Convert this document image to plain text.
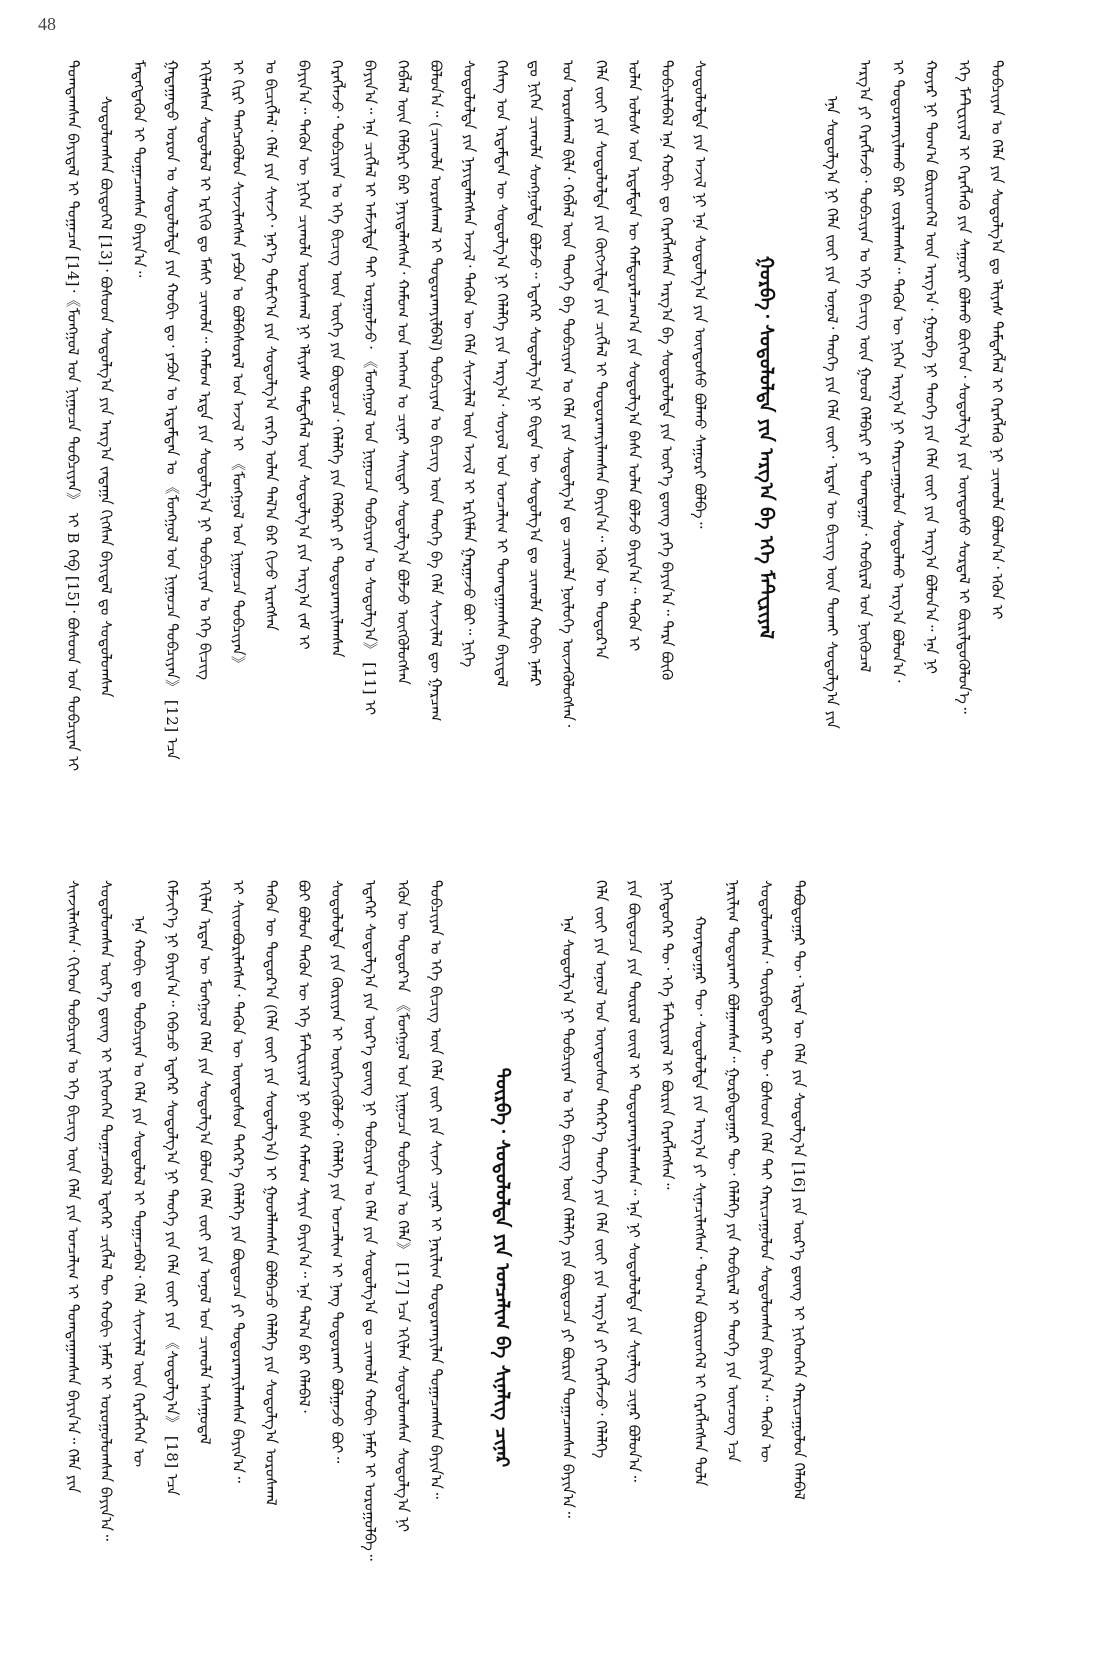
48
ᠲᠣᠭᠲᠠᠭᠰᠠᠨ ᠪᠠᠶᠢᠳᠠᠯ ᠢ ᠲᠣᠭᠠᠴᠠᠨ [14]᠂《ᠮᠣᠩᠭᠣᠯ ᠤᠨ ᠨᠢᠭᠤᠴᠠ ᠲᠣᠪᠴᠢᠶᠠᠨ》 ᠢ B ᠬᠡᠪ [15]᠂ ᠪᠤᠰᠤᠳ ᠤᠨ ᠲᠣᠪᠴᠢᠶᠠᠨ ᠢ ᠰᠤᠳᠤᠯᠤᠭᠰᠠᠨ ᠪᠦᠲᠦᠭᠡᠯ [13]᠂ ᠪᠤᠰᠤᠳ ᠰᠤᠳᠤᠯᠭ᠎ᠠ ᠶᠢᠨ ᠠᠷᠭ᠎ᠠ ᠵᠠᠳᠠᠭᠠ ᠬᠢᠭᠰᠡᠨ ᠪᠠᠶᠢᠳᠠᠯ ᠳᠤ ᠰᠤᠳᠤᠯᠤᠭᠰᠠᠨ ᠮᠡᠳᠡᠭᠳᠡᠬᠦᠨ ᠢ ᠲᠣᠭᠠᠴᠠᠭᠰᠠᠨ ᠪᠠᠶᠢᠨ᠎ᠠ᠃ ᠭᠠᠳᠠᠭᠠᠳᠤ ᠣᠷᠣᠨ ᠤ ᠰᠤᠳᠤᠯᠤᠯᠲᠠ ᠶᠢᠨ ᠬᠤᠪᠢ ᠳᠤ᠂ ᠶᠠᠫᠣᠨ ᠤ ᠡᠷᠳᠡᠮᠲᠡᠨ ᠤ 《ᠮᠣᠩᠭᠣᠯ ᠤᠨ ᠨᠢᠭᠤᠴᠠ ᠲᠣᠪᠴᠢᠶᠠᠨ》 [12] ᠡᠴᠡ ᠡᠬᠢᠯᠡᠭᠰᠡᠨ ᠰᠤᠳᠤᠯᠤᠯ ᠢ ᠡᠷᠭᠢᠬᠦ ᠳᠤ ᠮᠠᠰᠢ ᠴᠢᠬᠤᠯᠠ᠃ ᠬᠠᠮᠤᠭ ᠡᠷᠲᠡ ᠶᠢᠨ ᠰᠤᠳᠤᠯᠭ᠎ᠠ ᠨᠢ ᠲᠣᠪᠴᠢᠶᠠᠨ ᠤ ᠡᠬᠡ ᠪᠢᠴᠢᠭ ᠢ ᠬᠢᠷᠢ ᠲᠡᠩᠴᠡᠭᠦᠯᠦᠨ ᠰᠢᠨᠵᠢᠯᠡᠭᠰᠡᠨ ᠶᠠᠫᠣᠨ ᠤ ᠪᠣᠯᠪᠠᠰᠤᠷᠠᠯ ᠤᠨ ᠠᠵᠢᠯ ᠢ 《ᠮᠣᠩᠭᠣᠯ ᠤᠨ ᠨᠢᠭᠤᠴᠠ ᠲᠣᠪᠴᠢᠶᠠᠨ》 ᠤ ᠪᠢᠴᠢᠭᠯᠡᠯ᠂ ᠬᠡᠯᠡ ᠶᠢᠨ ᠰᠢᠨᠵᠢ᠂ ᠨᠡᠷ᠎ᠡ ᠲᠣᠮᠢᠶ᠎ᠠ ᠶᠢᠨ ᠰᠤᠳᠤᠯᠭ᠎ᠠ ᠵᠡᠷᠭᠡ ᠣᠯᠠᠨ ᠲᠠᠯ᠎ᠠ ᠪᠠᠷ ᠬᠢᠵᠦ ᠢᠷᠡᠭᠰᠡᠨ ᠪᠠᠶᠢᠨ᠎ᠠ᠃ ᠲᠡᠭᠦᠨ ᠦ ᠨᠢᠭᠡᠨ ᠴᠢᠬᠤᠯᠠ ᠤᠷᠤᠰᠬᠠᠯ ᠨᠢ ᠡᠯᠢᠶᠡᠰ ᠲᠡᠮᠳᠡᠭᠯᠡᠯ ᠦᠨ ᠰᠤᠳᠤᠯᠭ᠎ᠠ ᠶᠢᠨ ᠠᠷᠭ᠎ᠠ ᠵᠠᠮ ᠢ ᠬᠡᠷᠡᠭᠯᠡᠵᠦ᠂ ᠲᠣᠪᠴᠢᠶᠠᠨ ᠤ ᠡᠬᠡ ᠪᠢᠴᠢᠭ ᠦᠨ ᠦᠭᠡ ᠶᠢᠨ ᠪᠦᠲᠦᠴᠡ᠂ ᠬᠡᠯᠡᠯᠭᠡ ᠶᠢᠨ ᠬᠡᠯᠪᠡᠷᠢ ᠶᠢ ᠲᠣᠳᠣᠷᠬᠠᠶᠢᠯᠠᠭᠰᠠᠨ ᠪᠠᠶᠢᠨ᠎ᠠ᠃ ᠡᠨᠡ ᠴᠢᠭᠯᠡᠯ ᠢ ᠠᠮᠵᠢᠯᠲᠠ ᠲᠠᠶ ᠤᠷᠭᠤᠯᠵᠤ᠂ 《ᠮᠣᠩᠭᠣᠯ ᠤᠨ ᠨᠢᠭᠤᠴᠠ ᠲᠣᠪᠴᠢᠶᠠᠨ ᠤ ᠰᠤᠳᠤᠯᠭ᠎ᠠ》 [11] ᠢ ᠬᠡᠪᠯᠡᠯ ᠦᠨ ᠬᠡᠯᠪᠡᠷᠢ ᠪᠡᠷ ᠨᠡᠶᠢᠲᠡᠯᠡᠭᠰᠡᠨ᠂ ᠬᠠᠮᠤᠭ ᠤᠨ ᠠᠩᠬᠠᠨ ᠤ ᠴᠢᠨᠠᠷ ᠰᠠᠢᠲᠠᠶ ᠰᠤᠳᠤᠯᠭ᠎ᠠ ᠪᠣᠯᠵᠤ ᠦᠭᠭᠦᠯᠦᠭᠰᠡᠨ ᠪᠣᠯᠤᠨ᠎ᠠ᠃ (ᠴᠢᠬᠤᠯᠠ ᠤᠷᠤᠰᠬᠠᠯ ᠢ ᠲᠣᠳᠣᠷᠬᠠᠶᠢᠯᠪᠠᠯ) ᠲᠣᠪᠴᠢᠶᠠᠨ ᠤ ᠪᠢᠴᠢᠭ ᠦᠨ ᠲᠡᠦᠬᠡ ᠪᠠ ᠬᠡᠯᠡ ᠰᠢᠨᠵᠢᠯᠡᠯ ᠳᠦ ᠭᠠᠷᠴᠠᠭ ᠰᠤᠳᠤᠯᠤᠯᠲᠠ ᠶᠢᠨ ᠨᠡᠶᠢᠲᠡᠯᠡᠭᠰᠡᠨ ᠠᠵᠢᠯ᠂ ᠲᠡᠭᠦᠨ ᠦ ᠬᠡᠯᠡ ᠰᠢᠨᠵᠢᠯᠡᠯ ᠦᠨ ᠠᠵᠢᠯ ᠢ ᠡᠷᠬᠢᠮᠯᠡᠨ ᠭᠠᠷᠭᠠᠵᠤ ᠪᠣᠢ᠃ ᠨᠢᠭᠡ ᠬᠡᠰᠡᠭ ᠤᠨ ᠡᠷᠳᠡᠮᠲᠡᠨ ᠦ ᠰᠤᠳᠤᠯᠭ᠎ᠠ ᠨᠢ ᠬᠡᠯᠡᠯᠭᠡ ᠶᠢᠨ ᠠᠷᠭ᠎ᠠ᠂ ᠰᠣᠶᠣᠯ ᠤᠨ ᠣᠨᠴᠠᠯᠢᠭ ᠢ ᠲᠣᠭᠲᠠᠭᠠᠭᠰᠠᠨ ᠪᠠᠶᠢᠳᠠᠯ ᠳᠤ ᠨᠢᠭᠡᠨ ᠴᠢᠬᠤᠯᠠ ᠰᠣᠩᠭᠤᠯᠲᠠ ᠪᠣᠯᠵᠤ᠃ ᠡᠳᠡᠭᠡᠷ ᠰᠤᠳᠤᠯᠭ᠎ᠠ ᠨᠢ ᠪᠢᠳᠡᠨ ᠦ ᠰᠤᠳᠤᠯᠭ᠎ᠠ ᠳᠤ ᠴᠢᠬᠤᠯᠠ ᠬᠤᠪᠢ ᠨᠡᠮᠡᠷ ᠤᠨ ᠤᠷᠤᠰᠬᠠᠯ ᠪᠢᠯᠡ᠂ ᠬᠡᠪᠯᠡᠯ ᠦᠨ ᠲᠡᠦᠬᠡ ᠪᠠ ᠲᠣᠪᠴᠢᠶᠠᠨ ᠤ ᠬᠡᠯᠡ ᠶᠢᠨ ᠰᠤᠳᠤᠯᠭ᠎ᠠ ᠳᠤ ᠴᠢᠬᠤᠯᠠ ᠨᠥᠯᠦᠭᠡ ᠦᠵᠡᠭᠦᠯᠦᠭᠰᠡᠨ᠂ ᠬᠡᠯᠡ ᠵᠦᠢ ᠶᠢᠨ ᠰᠤᠳᠤᠯᠤᠯᠲᠠ ᠶᠢᠨ ᠬᠥᠭᠵᠢᠯᠲᠡ ᠶᠢᠨ ᠴᠢᠭᠯᠡᠯ ᠢ ᠲᠣᠳᠣᠷᠬᠠᠶᠢᠯᠠᠭᠰᠠᠨ ᠪᠠᠶᠢᠨ᠎ᠠ᠃ ᠡᠭᠦᠨ ᠦ ᠳᠣᠲᠣᠷ᠎ᠠ ᠣᠯᠠᠨ ᠤᠯᠤᠰ ᠤᠨ ᠡᠷᠳᠡᠮᠲᠡᠨ ᠦ ᠬᠠᠮᠲᠤᠷᠠᠯᠴᠠᠭ᠎ᠠ ᠶᠢᠨ ᠰᠤᠳᠤᠯᠭ᠎ᠠ ᠪᠠᠰᠠ ᠣᠯᠠᠨ ᠪᠣᠯᠵᠤ ᠪᠠᠶᠢᠨ᠎ᠠ᠃ ᠲᠡᠭᠦᠨ ᠢ ᠲᠣᠪᠴᠢᠯᠠᠪᠠᠯ ᠡᠨᠡ ᠬᠤᠪᠢ ᠳᠤ ᠬᠡᠷᠡᠭᠯᠡᠭᠰᠡᠨ ᠠᠷᠭ᠎ᠠ ᠪᠠ ᠰᠤᠳᠤᠯᠤᠯᠲᠠ ᠶᠢᠨ ᠦᠷ᠎ᠡ ᠳ᠋ᠦᠩ ᠶᠡᠬᠡ ᠪᠠᠶᠢᠨ᠎ᠠ᠃ ᠲᠡᠷᠡ ᠪᠦᠬᠦ ᠰᠤᠳᠤᠯᠤᠯᠲᠠ ᠶᠢᠨ ᠠᠵᠢᠯ ᠨᠢ ᠡᠨᠡ ᠰᠤᠳᠤᠯᠭ᠎ᠠ ᠶᠢᠨ ᠦᠨᠳᠦᠰᠦ ᠪᠣᠯᠬᠤ ᠰᠠᠭᠤᠷᠢ ᠪᠣᠯᠪᠠ᠃ ᠭᠤᠷᠪᠠ᠂ ᠰᠤᠳᠤᠯᠤᠯᠲᠠ ᠶᠢᠨ ᠠᠷᠭ᠎ᠠ ᠪᠠ ᠡᠬᠡ ᠮᠠᠲ᠋ᠧᠷᠢᠶᠠᠯ	ᠡᠨᠡ ᠰᠤᠳᠤᠯᠭ᠎ᠠ ᠨᠢ ᠬᠡᠯᠡ ᠵᠦᠢ ᠶᠢᠨ ᠣᠨᠣᠯ᠂ ᠲᠡᠦᠬᠡ ᠶᠢᠨ ᠬᠡᠯᠡ ᠵᠦᠢ᠂ ᠡᠷᠲᠡᠨ ᠦ ᠪᠢᠴᠢᠭ ᠦᠨ ᠲᠤᠬᠠᠢ ᠰᠤᠳᠤᠯᠭ᠎ᠠ ᠶᠢᠨ ᠠᠷᠭ᠎ᠠ ᠶᠢ ᠬᠡᠷᠡᠭᠯᠡᠵᠦ᠂ ᠲᠣᠪᠴᠢᠶᠠᠨ ᠤ ᠡᠬᠡ ᠪᠢᠴᠢᠭ ᠦᠨ ᠭᠣᠣᠯ ᠬᠡᠯᠪᠡᠷᠢ ᠶᠢ ᠲᠣᠭᠲᠠᠭᠠᠨ᠂ ᠬᠤᠪᠢᠷᠠᠯ ᠤᠨ ᠨᠥᠬᠦᠴᠡᠯ ᠢ ᠲᠣᠳᠣᠷᠬᠠᠶᠢᠯᠠᠬᠤ ᠪᠠᠷ ᠵᠣᠷᠢᠯᠠᠭᠰᠠᠨ᠃ ᠲᠡᠭᠦᠨ ᠦ ᠨᠢᠭᠡᠨ ᠠᠷᠭ᠎ᠠ ᠨᠢ ᠬᠠᠷᠢᠴᠠᠭᠤᠯᠤᠨ ᠰᠤᠳᠤᠯᠬᠤ ᠠᠷᠭ᠎ᠠ ᠪᠣᠯᠤᠨ᠎ᠠ᠂ ᠬᠣᠶᠠᠷ ᠨᠢ ᠲᠣᠭ᠎ᠠ ᠪᠦᠷᠢᠳᠬᠡᠯ ᠦᠨ ᠠᠷᠭ᠎ᠠ᠂ ᠭᠤᠷᠪᠠ ᠨᠢ ᠲᠡᠦᠬᠡ ᠶᠢᠨ ᠬᠡᠯᠡ ᠵᠦᠢ ᠶᠢᠨ ᠠᠷᠭ᠎ᠠ ᠪᠣᠯᠤᠨ᠎ᠠ᠃ ᠡᠨᠡ ᠨᠢ ᠡᠬᠡ ᠮᠠᠲ᠋ᠧᠷᠢᠶᠠᠯ ᠢ ᠬᠡᠷᠡᠭᠯᠡᠬᠦ ᠶᠢᠨ ᠰᠠᠭᠤᠷᠢ ᠪᠣᠯᠬᠤ ᠪᠥᠭᠡᠳ᠂ ᠰᠤᠳᠤᠯᠭ᠎ᠠ ᠶᠢᠨ ᠦᠨᠳᠦᠰᠦ ᠰᠤᠷᠲᠠᠯ ᠢ ᠪᠦᠷᠢᠯᠳᠦᠭᠦᠯᠦᠨ᠎ᠡ᠃ ᠲᠣᠪᠴᠢᠶᠠᠨ ᠤ ᠬᠡᠯᠡ ᠶᠢᠨ ᠰᠤᠳᠤᠯᠭ᠎ᠠ ᠳᠤ ᠡᠯᠢᠶᠡᠰ ᠲᠡᠮᠳᠡᠭᠯᠡᠯ ᠢ ᠬᠡᠷᠡᠭᠯᠡᠬᠦ ᠨᠢ ᠴᠢᠬᠤᠯᠠ ᠪᠣᠯᠤᠨ᠎ᠠ᠂ ᠡᠭᠦᠨ ᠢ
ᠰᠢᠨᠵᠢᠯᠡᠭᠰᠡᠨ᠂ ᠬᠢᠭᠡᠳ ᠲᠣᠪᠴᠢᠶᠠᠨ ᠤ ᠡᠬᠡ ᠪᠢᠴᠢᠭ ᠦᠨ ᠬᠡᠯᠡ ᠶᠢᠨ ᠣᠨᠴᠠᠯᠢᠭ ᠢ ᠲᠣᠭᠲᠠᠭᠠᠭᠰᠠᠨ ᠪᠠᠶᠢᠨ᠎ᠠ᠃ ᠬᠡᠯᠡ ᠶᠢᠨ ᠰᠤᠳᠤᠯᠤᠭᠰᠠᠨ ᠦᠷ᠎ᠡ ᠳ᠋ᠦᠩ ᠢ ᠨᠢᠭᠡᠳᠬᠡᠨ ᠲᠣᠭᠠᠴᠠᠪᠠᠯ ᠡᠳᠡᠭᠡᠷ ᠴᠢᠭᠯᠡᠯ ᠲᠦ ᠬᠤᠪᠢ ᠨᠡᠮᠡᠷ ᠢ ᠣᠷᠣᠭᠤᠯᠤᠭᠰᠠᠨ ᠪᠠᠶᠢᠨ᠎ᠠ᠃ ᠡᠨᠡ ᠬᠤᠪᠢ ᠳᠤ ᠲᠣᠪᠴᠢᠶᠠᠨ ᠤ ᠬᠡᠯᠡ ᠶᠢᠨ ᠰᠤᠳᠤᠯᠤᠯ ᠢ ᠲᠣᠭᠠᠴᠠᠪᠠᠯ᠂ ᠬᠡᠯᠡ ᠰᠢᠨᠵᠢᠯᠡᠯ ᠦᠨ ᠬᠡᠷᠡᠭᠯᠡᠭᠡᠨ ᠦ ᠬᠡᠮᠵᠢᠶ᠎ᠡ ᠨᠢ ᠪᠠᠶᠢᠨ᠎ᠠ᠃ ᠭᠡᠪᠡᠴᠦ ᠡᠳᠡᠭᠡᠷ ᠰᠤᠳᠤᠯᠭ᠎ᠠ ᠨᠢ ᠲᠡᠦᠬᠡ ᠶᠢᠨ ᠬᠡᠯᠡ ᠵᠦᠢ ᠶᠢᠨ 《ᠰᠤᠳᠤᠯᠭ᠎ᠠ》 [18] ᠡᠴᠡ ᠡᠬᠢᠯᠡᠨ ᠡᠷᠲᠡᠨ ᠦ ᠮᠣᠩᠭᠣᠯ ᠬᠡᠯᠡ ᠶᠢᠨ ᠰᠤᠳᠤᠯᠭ᠎ᠠ ᠪᠣᠯᠤᠨ ᠬᠡᠯᠡ ᠵᠦᠢ ᠶᠢᠨ ᠣᠨᠣᠯ ᠤᠨ ᠴᠢᠬᠤᠯᠠ ᠠᠰᠠᠭᠤᠳᠠᠯ ᠢ ᠰᠢᠢᠳᠪᠦᠷᠢᠯᠡᠭᠰᠡᠨ᠂ ᠲᠡᠭᠦᠨ ᠦ ᠦᠨᠳᠦᠰᠦᠨ ᠳᠡᠭᠡᠷ᠎ᠡ ᠬᠡᠯᠡᠯᠭᠡ ᠶᠢᠨ ᠪᠦᠲᠦᠴᠡ ᠶᠢ ᠲᠣᠳᠣᠷᠬᠠᠶᠢᠯᠠᠭᠰᠠᠨ ᠪᠠᠶᠢᠨ᠎ᠠ᠃ ᠲᠡᠭᠦᠨ ᠦ ᠳᠣᠲᠣᠷ᠎ᠠ (ᠬᠡᠯᠡ ᠵᠦᠢ ᠶᠢᠨ ᠰᠤᠳᠤᠯᠭ᠎ᠠ) ᠢ ᠭᠣᠣᠯᠯᠠᠭᠰᠠᠨ ᠪᠣᠯᠪᠠᠴᠤ ᠬᠡᠯᠡᠯᠭᠡ ᠶᠢᠨ ᠰᠤᠳᠤᠯᠭ᠎ᠠ ᠤᠷᠤᠰᠬᠠᠯ ᠪᠤᠶ ᠪᠣᠯᠤᠨ ᠲᠡᠭᠦᠨ ᠦ ᠡᠬᠡ ᠮᠠᠲ᠋ᠧᠷᠢᠶᠠᠯ ᠨᠢ ᠪᠠᠰᠠ ᠬᠠᠮᠤᠭ ᠰᠠᠶᠢᠨ ᠪᠠᠶᠢᠨ᠎ᠠ᠃ ᠡᠨᠡ ᠲᠠᠯ᠎ᠠ ᠪᠠᠷ ᠬᠡᠯᠡᠪᠡᠯ᠂ ᠰᠤᠳᠤᠯᠤᠯᠲᠠ ᠶᠢᠨ ᠬᠦᠷᠢᠶᠡᠨ ᠢ ᠦᠷᠭᠡᠵᠢᠭᠦᠯᠵᠦ᠂ ᠬᠡᠯᠡᠯᠭᠡ ᠶᠢᠨ ᠣᠨᠴᠠᠯᠢᠭ ᠢ ᠨᠡᠩ ᠲᠣᠳᠣᠷᠬᠠᠢ ᠪᠣᠯᠭᠠᠵᠤ ᠪᠣᠢ᠃ ᠡᠳᠡᠭᠡᠷ ᠰᠤᠳᠤᠯᠭ᠎ᠠ ᠶᠢᠨ ᠦᠷ᠎ᠡ ᠳ᠋ᠦᠩ ᠨᠢ ᠲᠣᠪᠴᠢᠶᠠᠨ ᠤ ᠬᠡᠯᠡ ᠶᠢᠨ ᠰᠤᠳᠤᠯᠭ᠎ᠠ ᠳᠤ ᠴᠢᠬᠤᠯᠠ ᠬᠤᠪᠢ ᠨᠡᠮᠡᠷ ᠢ ᠣᠷᠣᠭᠤᠯᠪᠠ᠃ ᠡᠭᠦᠨ ᠦ ᠳᠣᠲᠣᠷ᠎ᠠ 《ᠮᠣᠩᠭᠣᠯ ᠤᠨ ᠨᠢᠭᠤᠴᠠ ᠲᠣᠪᠴᠢᠶᠠᠨ ᠤ ᠬᠡᠯᠡ》 [17] ᠡᠴᠡ ᠡᠬᠢᠯᠡᠨ ᠰᠤᠳᠤᠯᠤᠭᠰᠠᠨ ᠰᠤᠳᠤᠯᠭ᠎ᠠ ᠨᠢ ᠲᠣᠪᠴᠢᠶᠠᠨ ᠤ ᠡᠬᠡ ᠪᠢᠴᠢᠭ ᠦᠨ ᠬᠡᠯᠡ ᠵᠦᠢ ᠶᠢᠨ ᠰᠢᠨᠵᠢ ᠴᠢᠨᠠᠷ ᠢ ᠨᠠᠷᠢᠯᠢᠭ ᠲᠣᠳᠣᠷᠬᠠᠶᠢᠯᠠᠨ ᠲᠣᠭᠠᠴᠠᠭᠰᠠᠨ ᠪᠠᠶᠢᠨ᠎ᠠ᠃ ᠳᠥᠷᠪᠡ᠂ ᠰᠤᠳᠤᠯᠤᠯᠲᠠ ᠶᠢᠨ ᠣᠨᠴᠠᠯᠢᠭ ᠪᠠ ᠰᠢᠨᠡᠯᠢᠭ ᠴᠢᠨᠠᠷ	ᠡᠨᠡ ᠰᠤᠳᠤᠯᠭ᠎ᠠ ᠨᠢ ᠲᠣᠪᠴᠢᠶᠠᠨ ᠤ ᠡᠬᠡ ᠪᠢᠴᠢᠭ ᠦᠨ ᠬᠡᠯᠡᠯᠭᠡ ᠶᠢᠨ ᠪᠦᠲᠦᠴᠡ ᠶᠢ ᠪᠦᠷᠢᠨ ᠲᠣᠭᠠᠴᠠᠭᠰᠠᠨ ᠪᠠᠶᠢᠨ᠎ᠠ᠃ ᠬᠡᠯᠡ ᠵᠦᠢ ᠶᠢᠨ ᠣᠨᠣᠯ ᠤᠨ ᠦᠨᠳᠦᠰᠦᠨ ᠳᠡᠭᠡᠷ᠎ᠡ ᠲᠡᠦᠬᠡ ᠶᠢᠨ ᠬᠡᠯᠡ ᠵᠦᠢ ᠶᠢᠨ ᠠᠷᠭ᠎ᠠ ᠶᠢ ᠬᠡᠷᠡᠭᠯᠡᠵᠦ᠂ ᠬᠡᠯᠡᠯᠭᠡ ᠶᠢᠨ ᠪᠦᠲᠦᠴᠡ ᠶᠢᠨ ᠲᠥᠷᠥᠯ ᠵᠦᠢᠯ ᠢ ᠲᠣᠳᠣᠷᠬᠠᠶᠢᠯᠠᠭᠰᠠᠨ᠃ ᠡᠨᠡ ᠨᠢ ᠰᠤᠳᠤᠯᠤᠯᠲᠠ ᠶᠢᠨ ᠰᠢᠨᠡᠯᠢᠭ ᠴᠢᠨᠠᠷ ᠪᠣᠯᠤᠨ᠎ᠠ᠃ ᠨᠢᠭᠡᠳᠦᠭᠡᠷ ᠲᠦ᠂ ᠡᠬᠡ ᠮᠠᠲ᠋ᠧᠷᠢᠶᠠᠯ ᠢ ᠪᠦᠷᠢᠨ ᠬᠡᠷᠡᠭᠯᠡᠭᠰᠡᠨ᠃ ᠬᠣᠶᠠᠳᠤᠭᠠᠷ ᠲᠦ᠂ ᠰᠤᠳᠤᠯᠤᠯᠲᠠ ᠶᠢᠨ ᠠᠷᠭ᠎ᠠ ᠶᠢ ᠰᠢᠨᠡᠴᠢᠯᠡᠭᠰᠡᠨ᠂ ᠲᠣᠭ᠎ᠠ ᠪᠦᠷᠢᠳᠬᠡᠯ ᠢ ᠬᠡᠷᠡᠭᠯᠡᠭᠰᠡᠨ ᠲᠤᠯᠠ ᠨᠠᠷᠢᠯᠢᠭ ᠲᠣᠳᠣᠷᠬᠠᠢ ᠪᠣᠯᠭᠠᠭᠰᠠᠨ᠃ ᠭᠤᠷᠪᠠᠳᠤᠭᠠᠷ ᠲᠦ᠂ ᠬᠡᠯᠡᠯᠭᠡ ᠶᠢᠨ ᠬᠤᠪᠢᠷᠠᠯ ᠢ ᠲᠡᠦᠬᠡ ᠶᠢᠨ ᠥᠨᠴᠥᠭ ᠡᠴᠡ ᠰᠤᠳᠤᠯᠤᠭᠰᠠᠨ᠂ ᠳᠥᠷᠪᠡᠳᠦᠭᠡᠷ ᠲᠦ᠂ ᠪᠤᠰᠤᠳ ᠬᠡᠯᠡ ᠲᠡᠢ ᠬᠠᠷᠢᠴᠠᠭᠤᠯᠤᠨ ᠰᠤᠳᠤᠯᠤᠭᠰᠠᠨ ᠪᠠᠶᠢᠨ᠎ᠠ᠃ ᠲᠡᠭᠦᠨ ᠦ ᠲᠠᠪᠤᠳᠤᠭᠠᠷ ᠲᠦ᠂ ᠡᠷᠲᠡᠨ ᠦ ᠬᠡᠯᠡ ᠶᠢᠨ ᠰᠤᠳᠤᠯᠭ᠎ᠠ [16] ᠶᠢᠨ ᠦᠷ᠎ᠡ ᠳ᠋ᠦᠩ ᠢ ᠨᠢᠭᠡᠳᠬᠡᠨ ᠬᠠᠷᠢᠴᠠᠭᠤᠯᠤᠨ ᠬᠡᠯᠡᠪᠡᠯ
